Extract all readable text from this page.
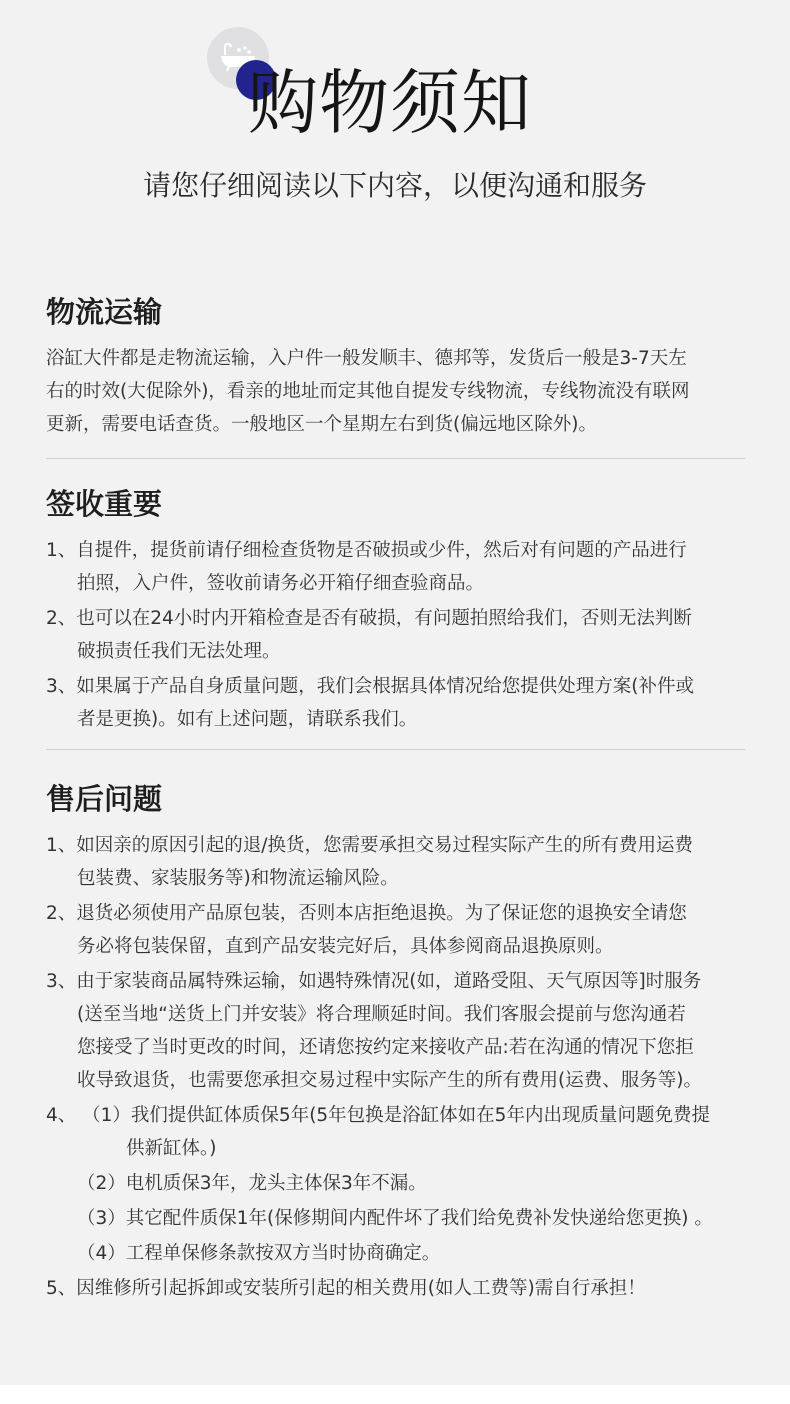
购物须知
请您仔细阅读以下内容，以便沟通和服务
物流运输
浴缸大件都是走物流运输，入户件一般发顺丰、德邦等，发货后一般是3-7天左
右的时效(大促除外)，看亲的地址而定其他自提发专线物流，专线物流没有联网
更新，需要电话查货。一般地区一个星期左右到货(偏远地区除外)。
签收重要
1、自提件，提货前请仔细检查货物是否破损或少件，然后对有问题的产品进行
拍照，入户件，签收前请务必开箱仔细查验商品。
2、也可以在24小时内开箱检查是否有破损，有问题拍照给我们，否则无法判断
破损责任我们无法处理。
3、如果属于产品自身质量问题，我们会根据具体情况给您提供处理方案(补件或
者是更换)。如有上述问题，请联系我们。
售后问题
1、如因亲的原因引起的退/换货，您需要承担交易过程实际产生的所有费用运费
包装费、家装服务等)和物流运输风险。
2、退货必须使用产品原包装，否则本店拒绝退换。为了保证您的退换安全请您
务必将包装保留，直到产品安装完好后，具体参阅商品退换原则。
3、由于家装商品属特殊运输，如遇特殊情况(如，道路受阻、天气原因等]时服务
(送至当地“送货上门并安装》将合理顺延时间。我们客服会提前与您沟通若
您接受了当时更改的时间，还请您按约定来接收产品:若在沟通的情况下您拒
收导致退货，也需要您承担交易过程中实际产生的所有费用(运费、服务等)。
4、 （1）我们提供缸体质保5年(5年包换是浴缸体如在5年内出现质量问题免费提
供新缸体。)
（2）电机质保3年，龙头主体保3年不漏。
（3）其它配件质保1年(保修期间内配件坏了我们给免费补发快递给您更换) 。
（4）工程单保修条款按双方当时协商确定。
5、因维修所引起拆卸或安装所引起的相关费用(如人工费等)需自行承担！
